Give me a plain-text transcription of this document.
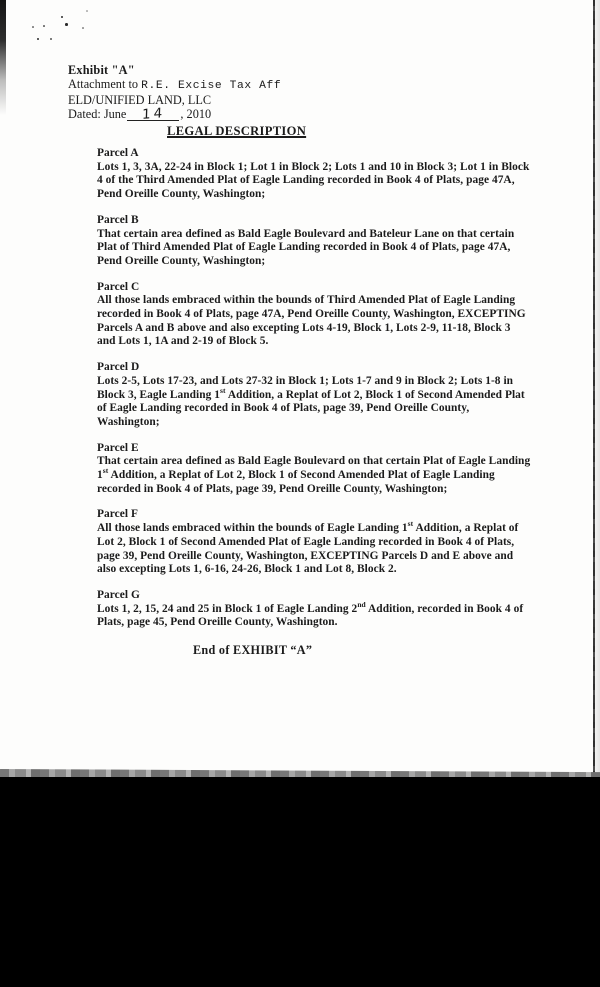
Exhibit "A"
Attachment to R.E. Excise Tax Aff
ELD/UNIFIED LAND, LLC
Dated: June 14 , 2010
LEGAL DESCRIPTION
Parcel A

Lots 1, 3, 3A, 22-24 in Block 1; Lot 1 in Block 2; Lots 1 and 10 in Block 3; Lot 1 in Block 4 of the Third Amended Plat of Eagle Landing recorded in Book 4 of Plats, page 47A, Pend Oreille County, Washington;

Parcel B

That certain area defined as Bald Eagle Boulevard and Bateleur Lane on that certain Plat of Third Amended Plat of Eagle Landing recorded in Book 4 of Plats, page 47A, Pend Oreille County, Washington;

Parcel C

All those lands embraced within the bounds of Third Amended Plat of Eagle Landing recorded in Book 4 of Plats, page 47A, Pend Oreille County, Washington, EXCEPTING Parcels A and B above and also excepting Lots 4-19, Block 1, Lots 2-9, 11-18, Block 3 and Lots 1, 1A and 2-19 of Block 5.

Parcel D

Lots 2-5, Lots 17-23, and Lots 27-32 in Block 1; Lots 1-7 and 9 in Block 2; Lots 1-8 in Block 3, Eagle Landing 1st Addition, a Replat of Lot 2, Block 1 of Second Amended Plat of Eagle Landing recorded in Book 4 of Plats, page 39, Pend Oreille County, Washington;

Parcel E

That certain area defined as Bald Eagle Boulevard on that certain Plat of Eagle Landing 1st Addition, a Replat of Lot 2, Block 1 of Second Amended Plat of Eagle Landing recorded in Book 4 of Plats, page 39, Pend Oreille County, Washington;

Parcel F

All those lands embraced within the bounds of Eagle Landing 1st Addition, a Replat of Lot 2, Block 1 of Second Amended Plat of Eagle Landing recorded in Book 4 of Plats, page 39, Pend Oreille County, Washington, EXCEPTING Parcels D and E above and also excepting Lots 1, 6-16, 24-26, Block 1 and Lot 8, Block 2.

Parcel G

Lots 1, 2, 15, 24 and 25 in Block 1 of Eagle Landing 2nd Addition, recorded in Book 4 of Plats, page 45, Pend Oreille County, Washington.

End of EXHIBIT “A”
